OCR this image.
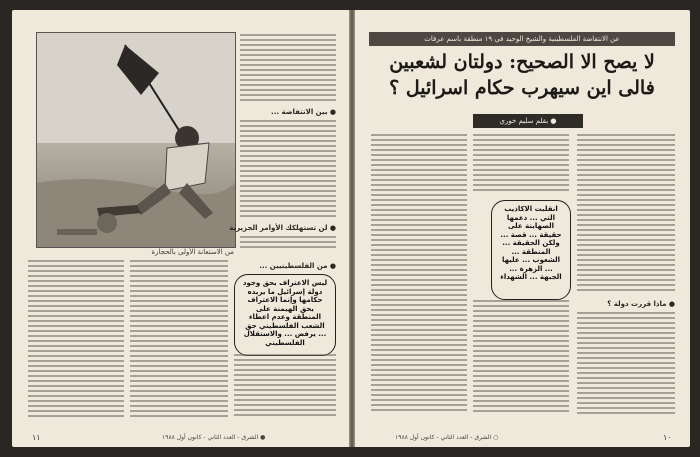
● بين الانتفاضة ...
● لن تستهلكك الأوامر الجزيرية
من الاستعانة الأولى بالحجارة
● من الفلسطينيين ...
ليس الاعتراف بحق وجود دولة إسرائيل ما يريده حكامها وإنما الاعتراف بحق الهيمنة على المنطقة وعدم اعطاء الشعب الفلسطيني حق ... يرفض ... والاستقلال الفلسطيني
● الشرق - العدد الثاني - كانون أول ١٩٨٨
١١
عن الانتفاضة الفلسطينية والشيخ الوحيد في ١٩ منطقة باسم عرفات
لا يصح الا الصحيح: دولتان لشعبين
فالى اين سيهرب حكام اسرائيل ؟
● بقلم سليم خوري
انقلبت الاكاذيب التي ... دعمها الصهاينة على حقيقة ... قصة ... ولكن الحقيقة ... المنطقة ... الشعوب ... عليها ... الزهرة ... الجبهة ... الشهداء
● ماذا قررت دولة ؟
○ الشرق - العدد الثاني - كانون أول ١٩٨٨	١٠
